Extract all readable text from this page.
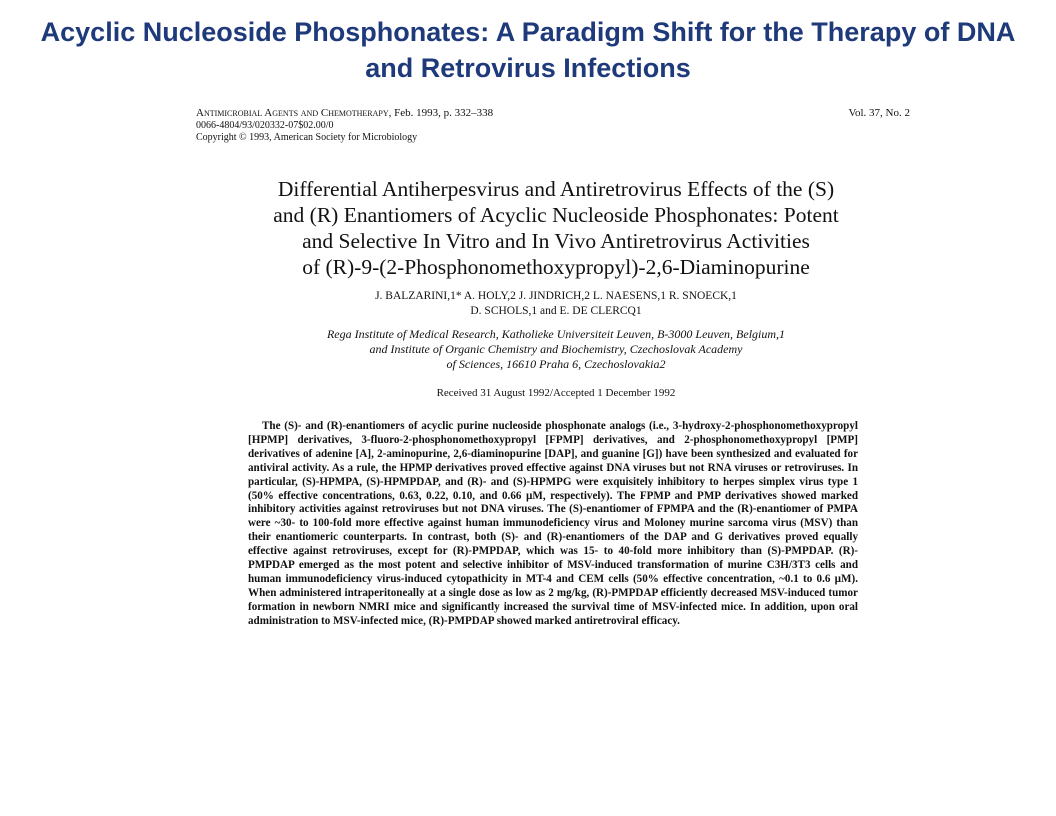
Acyclic Nucleoside Phosphonates: A Paradigm Shift for the Therapy of DNA
and Retrovirus Infections
Antimicrobial Agents and Chemotherapy, Feb. 1993, p. 332–338
0066-4804/93/020332-07$02.00/0
Copyright © 1993, American Society for Microbiology
Vol. 37, No. 2
Differential Antiherpesvirus and Antiretrovirus Effects of the (S)
and (R) Enantiomers of Acyclic Nucleoside Phosphonates: Potent
and Selective In Vitro and In Vivo Antiretrovirus Activities
of (R)-9-(2-Phosphonomethoxypropyl)-2,6-Diaminopurine
J. BALZARINI,1* A. HOLY,2 J. JINDRICH,2 L. NAESENS,1 R. SNOECK,1
D. SCHOLS,1 and E. DE CLERCQ1
Rega Institute of Medical Research, Katholieke Universiteit Leuven, B-3000 Leuven, Belgium,1
and Institute of Organic Chemistry and Biochemistry, Czechoslovak Academy
of Sciences, 16610 Praha 6, Czechoslovakia2
Received 31 August 1992/Accepted 1 December 1992
The (S)- and (R)-enantiomers of acyclic purine nucleoside phosphonate analogs (i.e., 3-hydroxy-2-phosphonomethoxypropyl [HPMP] derivatives, 3-fluoro-2-phosphonomethoxypropyl [FPMP] derivatives, and 2-phosphonomethoxypropyl [PMP] derivatives of adenine [A], 2-aminopurine, 2,6-diaminopurine [DAP], and guanine [G]) have been synthesized and evaluated for antiviral activity. As a rule, the HPMP derivatives proved effective against DNA viruses but not RNA viruses or retroviruses. In particular, (S)-HPMPA, (S)-HPMPDAP, and (R)- and (S)-HPMPG were exquisitely inhibitory to herpes simplex virus type 1 (50% effective concentrations, 0.63, 0.22, 0.10, and 0.66 µM, respectively). The FPMP and PMP derivatives showed marked inhibitory activities against retroviruses but not DNA viruses. The (S)-enantiomer of FPMPA and the (R)-enantiomer of PMPA were ~30- to 100-fold more effective against human immunodeficiency virus and Moloney murine sarcoma virus (MSV) than their enantiomeric counterparts. In contrast, both (S)- and (R)-enantiomers of the DAP and G derivatives proved equally effective against retroviruses, except for (R)-PMPDAP, which was 15- to 40-fold more inhibitory than (S)-PMPDAP. (R)-PMPDAP emerged as the most potent and selective inhibitor of MSV-induced transformation of murine C3H/3T3 cells and human immunodeficiency virus-induced cytopathicity in MT-4 and CEM cells (50% effective concentration, ~0.1 to 0.6 µM). When administered intraperitoneally at a single dose as low as 2 mg/kg, (R)-PMPDAP efficiently decreased MSV-induced tumor formation in newborn NMRI mice and significantly increased the survival time of MSV-infected mice. In addition, upon oral administration to MSV-infected mice, (R)-PMPDAP showed marked antiretroviral efficacy.
